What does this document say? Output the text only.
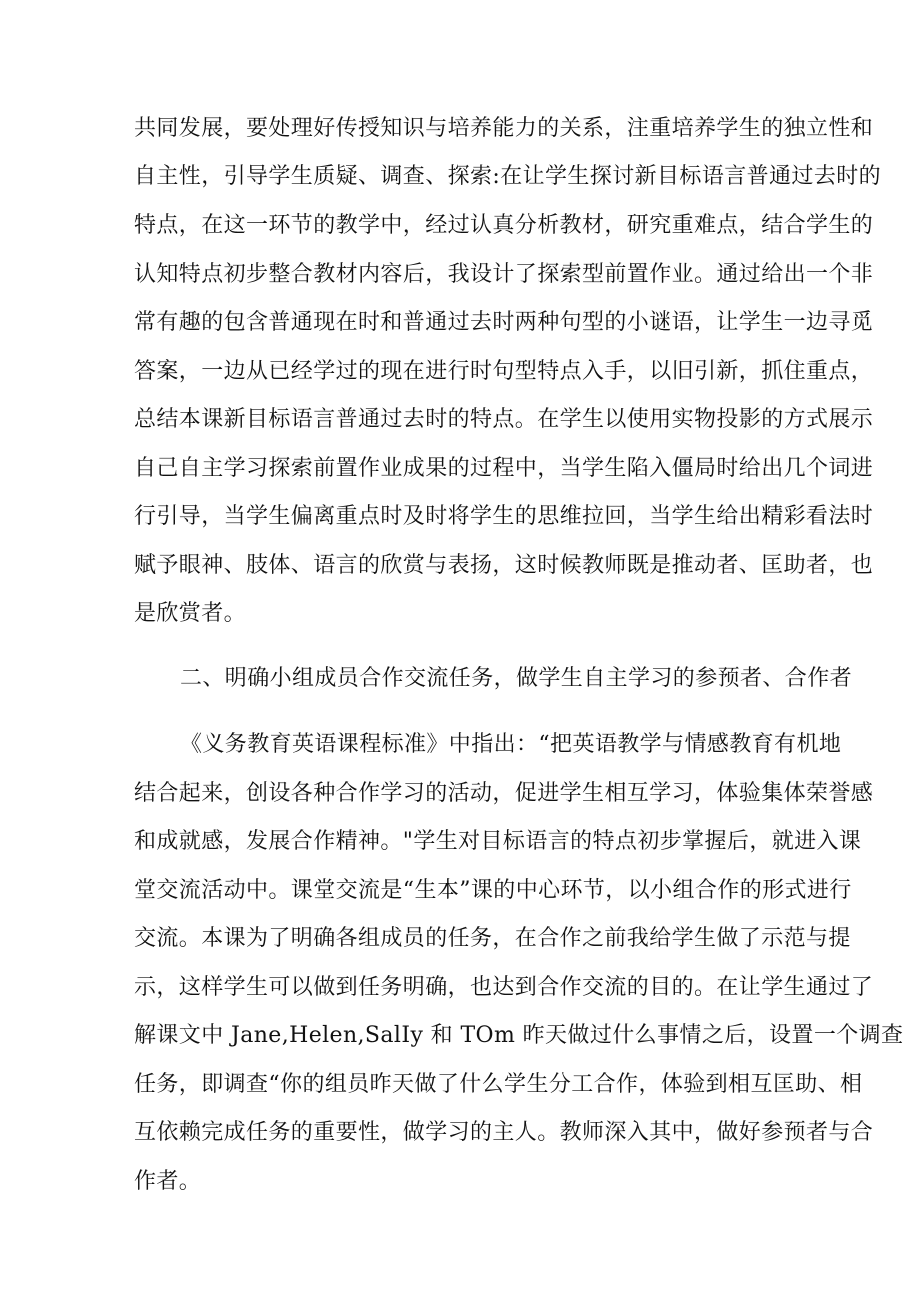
共同发展，要处理好传授知识与培养能力的关系，注重培养学生的独立性和
自主性，引导学生质疑、调查、探索:在让学生探讨新目标语言普通过去时的
特点，在这一环节的教学中，经过认真分析教材，研究重难点，结合学生的
认知特点初步整合教材内容后，我设计了探索型前置作业。通过给出一个非
常有趣的包含普通现在时和普通过去时两种句型的小谜语，让学生一边寻觅
答案，一边从已经学过的现在进行时句型特点入手，以旧引新，抓住重点，
总结本课新目标语言普通过去时的特点。在学生以使用实物投影的方式展示
自己自主学习探索前置作业成果的过程中，当学生陷入僵局时给出几个词进
行引导，当学生偏离重点时及时将学生的思维拉回，当学生给出精彩看法时
赋予眼神、肢体、语言的欣赏与表扬，这时候教师既是推动者、匡助者，也
是欣赏者。
二、明确小组成员合作交流任务，做学生自主学习的参预者、合作者
《义务教育英语课程标准》中指出：“把英语教学与情感教育有机地
结合起来，创设各种合作学习的活动，促进学生相互学习，体验集体荣誉感
和成就感，发展合作精神。"学生对目标语言的特点初步掌握后，就进入课
堂交流活动中。课堂交流是“生本”课的中心环节，以小组合作的形式进行
交流。本课为了明确各组成员的任务，在合作之前我给学生做了示范与提
示，这样学生可以做到任务明确，也达到合作交流的目的。在让学生通过了
解课文中 Jane,Helen,SalIy 和 TOm 昨天做过什么事情之后，设置一个调查
任务，即调查“你的组员昨天做了什么学生分工合作，体验到相互匡助、相
互依赖完成任务的重要性，做学习的主人。教师深入其中，做好参预者与合
作者。
